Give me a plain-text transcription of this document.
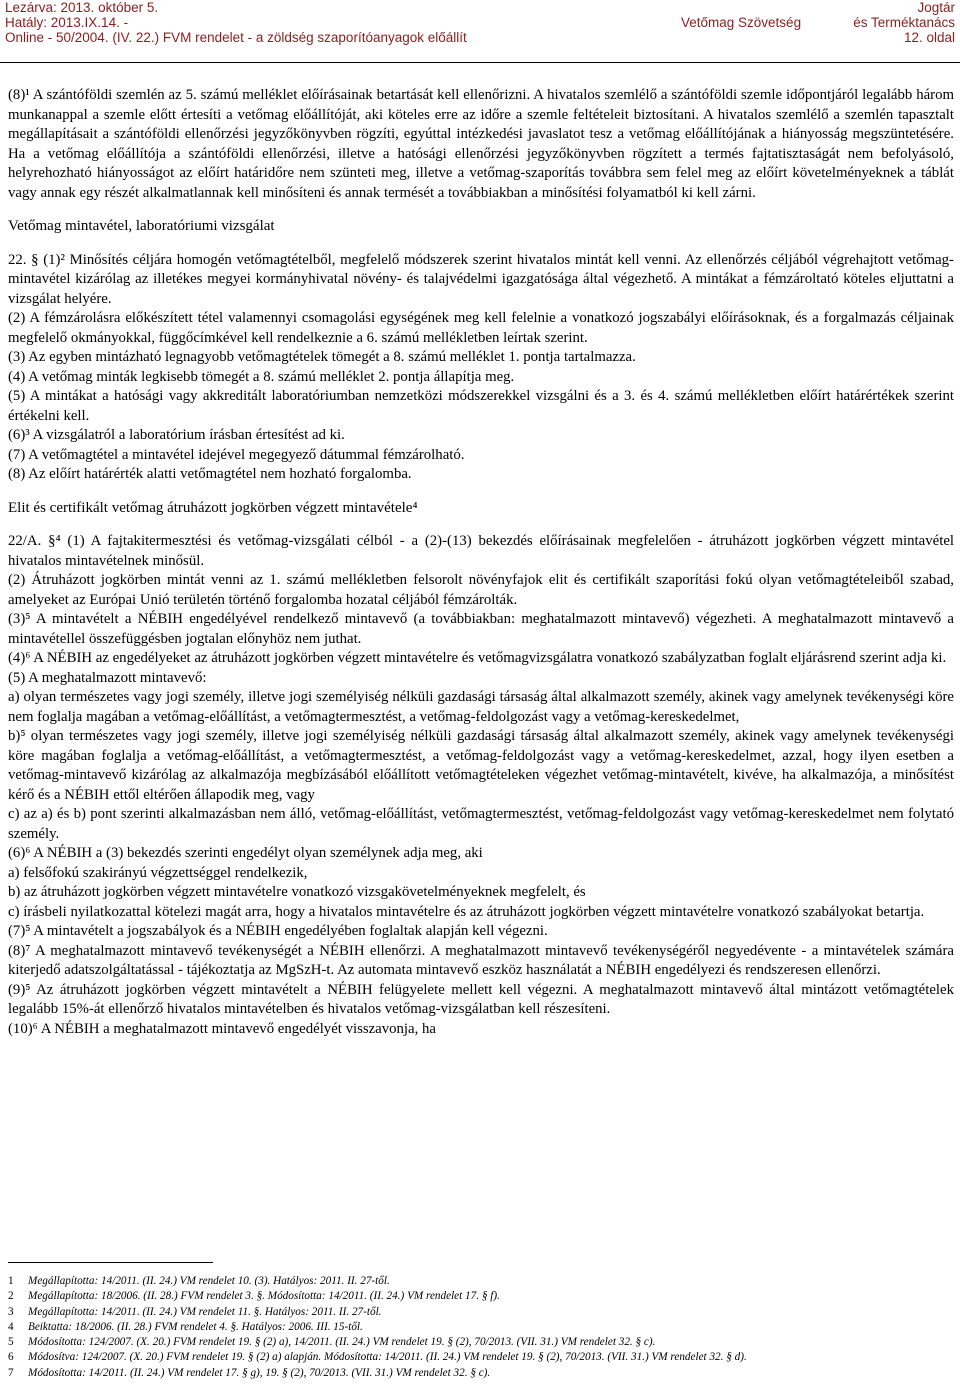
Lezárva: 2013. október 5.
Hatály: 2013.IX.14. -
Online - 50/2004. (IV. 22.) FVM rendelet - a zöldség szaporítóanyagok előállít

Vetőmag Szövetség
Jogtár
és Terméktanács
12. oldal

(8)¹ A szántóföldi szemlén az 5. számú melléklet előírásainak betartását kell ellenőrizni. A hivatalos szemlélő a szántóföldi szemle időpontjáról legalább három munkanappal a szemle előtt értesíti a vetőmag előállítóját, aki köteles erre az időre a szemle feltételeit biztosítani. A hivatalos szemlélő a szemlén tapasztalt megállapításait a szántóföldi ellenőrzési jegyzőkönyvben rögzíti, egyúttal intézkedési javaslatot tesz a vetőmag előállítójának a hiányosság megszüntetésére. Ha a vetőmag előállítója a szántóföldi ellenőrzési, illetve a hatósági ellenőrzési jegyzőkönyvben rögzített a termés fajtatisztaságát nem befolyásoló, helyrehozható hiányosságot az előírt határidőre nem szünteti meg, illetve a vetőmag-szaporítás továbbra sem felel meg az előírt követelményeknek a táblát vagy annak egy részét alkalmatlannak kell minősíteni és annak termését a továbbiakban a minősítési folyamatból ki kell zárni.

Vetőmag mintavétel, laboratóriumi vizsgálat

22. § (1)² Minősítés céljára homogén vetőmagtételből, megfelelő módszerek szerint hivatalos mintát kell venni. Az ellenőrzés céljából végrehajtott vetőmag-mintavétel kizárólag az illetékes megyei kormányhivatal növény- és talajvédelmi igazgatósága által végezhető. A mintákat a fémzároltató köteles eljuttatni a vizsgálat helyére.

(2) A fémzárolásra előkészített tétel valamennyi csomagolási egységének meg kell felelnie a vonatkozó jogszabályi előírásoknak, és a forgalmazás céljainak megfelelő okmányokkal, függőcímkével kell rendelkeznie a 6. számú mellékletben leírtak szerint.

(3) Az egyben mintázható legnagyobb vetőmagtételek tömegét a 8. számú melléklet 1. pontja tartalmazza.

(4) A vetőmag minták legkisebb tömegét a 8. számú melléklet 2. pontja állapítja meg.

(5) A mintákat a hatósági vagy akkreditált laboratóriumban nemzetközi módszerekkel vizsgálni és a 3. és 4. számú mellékletben előírt határértékek szerint értékelni kell.

(6)³ A vizsgálatról a laboratórium írásban értesítést ad ki.

(7) A vetőmagtétel a mintavétel idejével megegyező dátummal fémzárolható.

(8) Az előírt határérték alatti vetőmagtétel nem hozható forgalomba.

Elit és certifikált vetőmag átruházott jogkörben végzett mintavétele⁴

22/A. §⁴ (1) A fajtakitermesztési és vetőmag-vizsgálati célból - a (2)-(13) bekezdés előírásainak megfelelően - átruházott jogkörben végzett mintavétel hivatalos mintavételnek minősül.

(2) Átruházott jogkörben mintát venni az 1. számú mellékletben felsorolt növényfajok elit és certifikált szaporítási fokú olyan vetőmagtételeiből szabad, amelyeket az Európai Unió területén történő forgalomba hozatal céljából fémzárolták.

(3)⁵ A mintavételt a NÉBIH engedélyével rendelkező mintavevő (a továbbiakban: meghatalmazott mintavevő) végezheti. A meghatalmazott mintavevő a mintavétellel összefüggésben jogtalan előnyhöz nem juthat.

(4)⁶ A NÉBIH az engedélyeket az átruházott jogkörben végzett mintavételre és vetőmagvizsgálatra vonatkozó szabályzatban foglalt eljárásrend szerint adja ki.

(5) A meghatalmazott mintavevő:

a) olyan természetes vagy jogi személy, illetve jogi személyiség nélküli gazdasági társaság által alkalmazott személy, akinek vagy amelynek tevékenységi köre nem foglalja magában a vetőmag-előállítást, a vetőmagtermesztést, a vetőmag-feldolgozást vagy a vetőmag-kereskedelmet,

b)⁵ olyan természetes vagy jogi személy, illetve jogi személyiség nélküli gazdasági társaság által alkalmazott személy, akinek vagy amelynek tevékenységi köre magában foglalja a vetőmag-előállítást, a vetőmagtermesztést, a vetőmag-feldolgozást vagy a vetőmag-kereskedelmet, azzal, hogy ilyen esetben a vetőmag-mintavevő kizárólag az alkalmazója megbízásából előállított vetőmagtételeken végezhet vetőmag-mintavételt, kivéve, ha alkalmazója, a minősítést kérő és a NÉBIH ettől eltérően állapodik meg, vagy

c) az a) és b) pont szerinti alkalmazásban nem álló, vetőmag-előállítást, vetőmagtermesztést, vetőmag-feldolgozást vagy vetőmag-kereskedelmet nem folytató személy.

(6)⁶ A NÉBIH a (3) bekezdés szerinti engedélyt olyan személynek adja meg, aki

a) felsőfokú szakirányú végzettséggel rendelkezik,

b) az átruházott jogkörben végzett mintavételre vonatkozó vizsgakövetelményeknek megfelelt, és

c) írásbeli nyilatkozattal kötelezi magát arra, hogy a hivatalos mintavételre és az átruházott jogkörben végzett mintavételre vonatkozó szabályokat betartja.

(7)⁵ A mintavételt a jogszabályok és a NÉBIH engedélyében foglaltak alapján kell végezni.

(8)⁷ A meghatalmazott mintavevő tevékenységét a NÉBIH ellenőrzi. A meghatalmazott mintavevő tevékenységéről negyedévente - a mintavételek számára kiterjedő adatszolgáltatással - tájékoztatja az MgSzH-t. Az automata mintavevő eszköz használatát a NÉBIH engedélyezi és rendszeresen ellenőrzi.

(9)⁵ Az átruházott jogkörben végzett mintavételt a NÉBIH felügyelete mellett kell végezni. A meghatalmazott mintavevő által mintázott vetőmagtételek legalább 15%-át ellenőrző hivatalos mintavételben és hivatalos vetőmag-vizsgálatban kell részesíteni.

(10)⁶ A NÉBIH a meghatalmazott mintavevő engedélyét visszavonja, ha

1 Megállapította: 14/2011. (II. 24.) VM rendelet 10. (3). Hatályos: 2011. II. 27-től.
2 Megállapította: 18/2006. (II. 28.) FVM rendelet 3. §. Módosította: 14/2011. (II. 24.) VM rendelet 17. § f).
3 Megállapította: 14/2011. (II. 24.) VM rendelet 11. §. Hatályos: 2011. II. 27-től.
4 Beiktatta: 18/2006. (II. 28.) FVM rendelet 4. §. Hatályos: 2006. III. 15-től.
5 Módosította: 124/2007. (X. 20.) FVM rendelet 19. § (2) a), 14/2011. (II. 24.) VM rendelet 19. § (2), 70/2013. (VII. 31.) VM rendelet 32. § c).
6 Módosítva: 124/2007. (X. 20.) FVM rendelet 19. § (2) a) alapján. Módosította: 14/2011. (II. 24.) VM rendelet 19. § (2), 70/2013. (VII. 31.) VM rendelet 32. § d).
7 Módosította: 14/2011. (II. 24.) VM rendelet 17. § g), 19. § (2), 70/2013. (VII. 31.) VM rendelet 32. § c).
